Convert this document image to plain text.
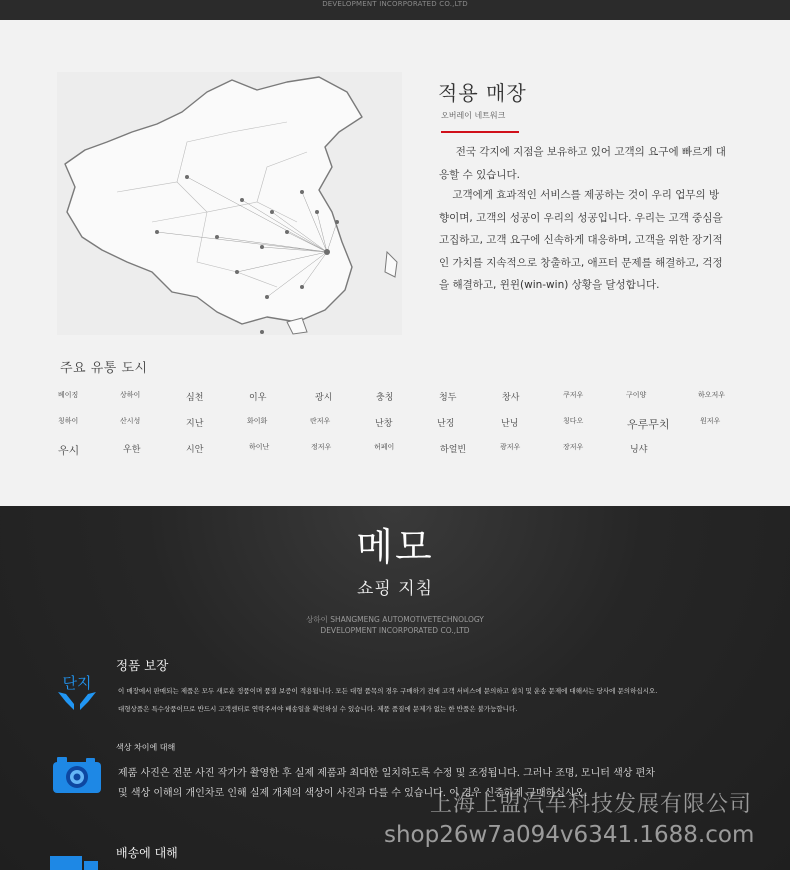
DEVELOPMENT INCORPORATED CO.,LTD
적용 매장
오버레이 네트워크
전국 각지에 지점을 보유하고 있어 고객의 요구에 빠르게 대응할 수 있습니다.
고객에게 효과적인 서비스를 제공하는 것이 우리 업무의 방향이며, 고객의 성공이 우리의 성공입니다. 우리는 고객 중심을 고집하고, 고객 요구에 신속하게 대응하며, 고객을 위한 장기적인 가치를 지속적으로 창출하고, 애프터 문제를 해결하고, 걱정을 해결하고, 윈윈(win-win) 상황을 달성합니다.
주요 유통 도시
베이징	상하이	심천	이우	광시	충칭	청두	창사	쿠저우	구이양	하오저우
칭하이	산시성	지난	화이화	란저우	난창	난징	난닝	칭다오	우루무치	원저우
우시	우한	시안	하이난	정저우	허페이	하얼빈	광저우	장저우	닝샤
메모
쇼핑 지침
상하이 SHANGMENG AUTOMOTIVETECHNOLOGY
DEVELOPMENT INCORPORATED CO.,LTD
단지
정품 보장
이 매장에서 판매되는 제품은 모두 새로운 정품이며 품질 보증이 적용됩니다. 모든 대형 품목의 경우 구매하기 전에 고객 서비스에 문의하고 설치 및 운송 문제에 대해서는 당사에 문의하십시오.
대형상품은 특수상품이므로 반드시 고객센터로 연락주셔야 배송일을 확인하실 수 있습니다. 제품 품질에 문제가 없는 한 반품은 불가능합니다.
색상 차이에 대해
제품 사진은 전문 사진 작가가 촬영한 후 실제 제품과 최대한 일치하도록 수정 및 조정됩니다. 그러나 조명, 모니터 색상 편차
및 색상 이해의 개인차로 인해 실제 개체의 색상이 사진과 다를 수 있습니다. 이 경우 신중하게 구매하십시오.
배송에 대해
上海上盟汽车科技发展有限公司
shop26w7a094v6341.1688.com
